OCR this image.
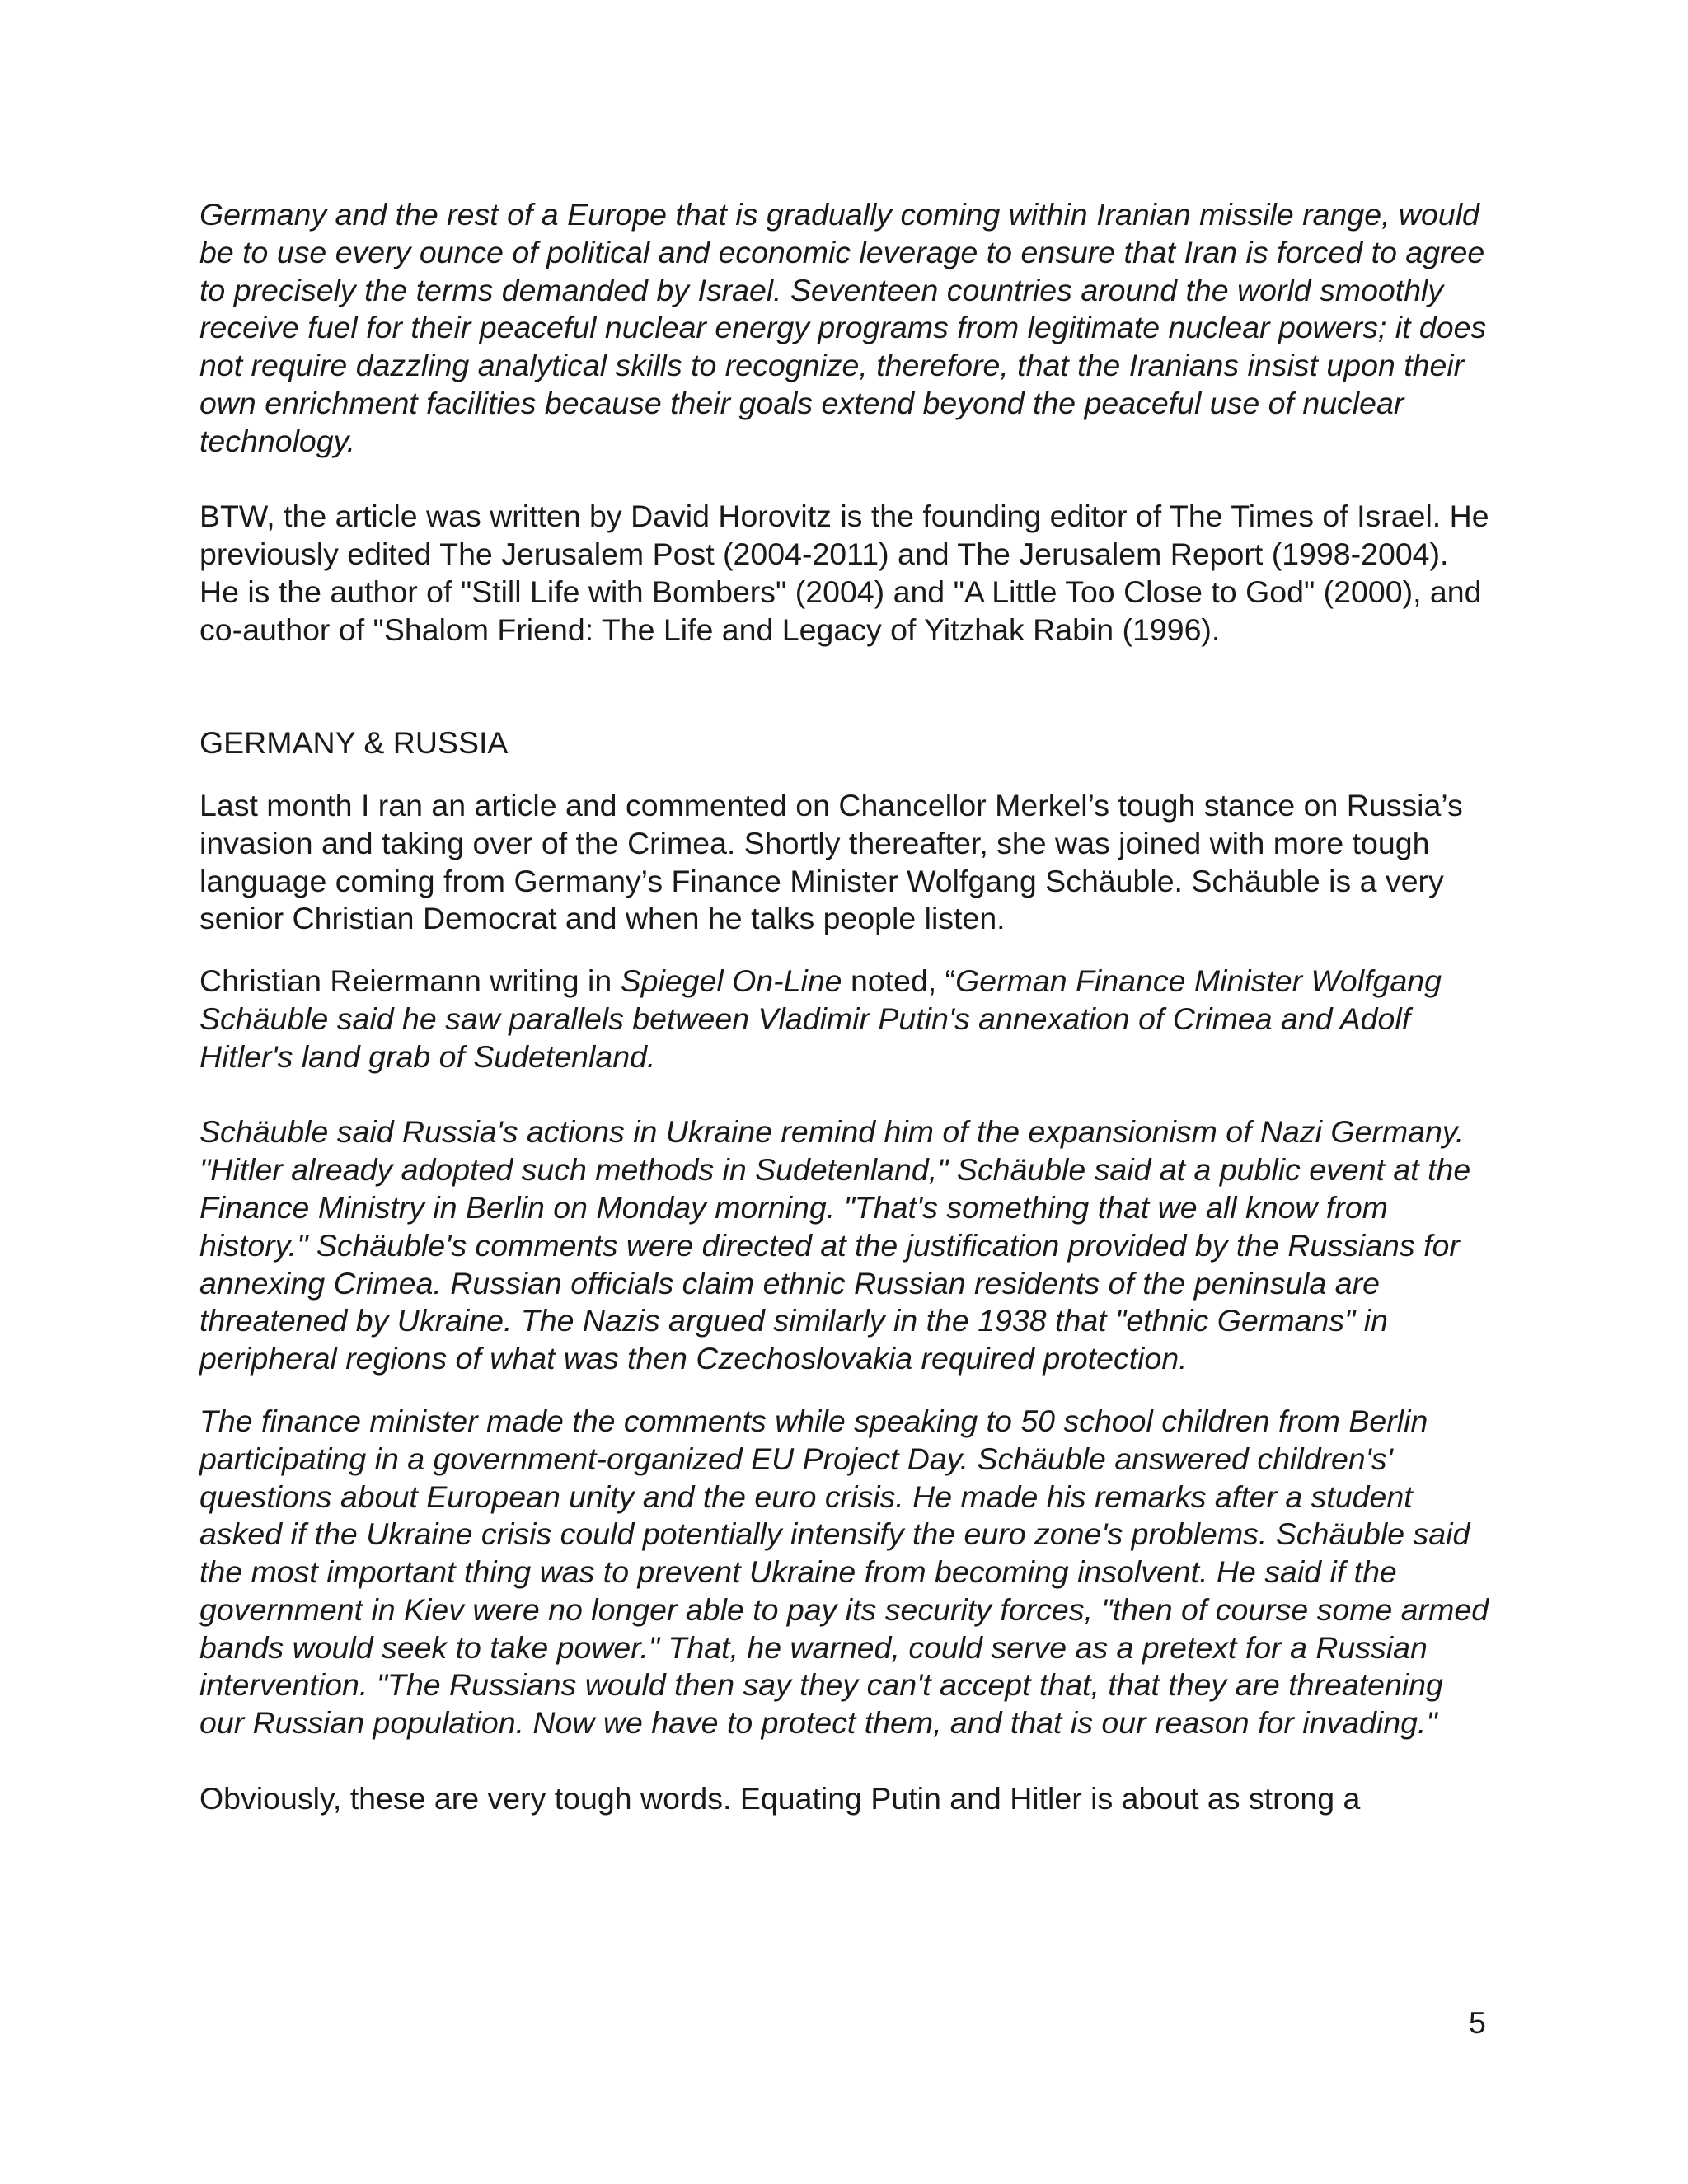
Germany and the rest of a Europe that is gradually coming within Iranian missile range, would be to use every ounce of political and economic leverage to ensure that Iran is forced to agree to precisely the terms demanded by Israel. Seventeen countries around the world smoothly receive fuel for their peaceful nuclear energy programs from legitimate nuclear powers; it does not require dazzling analytical skills to recognize, therefore, that the Iranians insist upon their own enrichment facilities because their goals extend beyond the peaceful use of nuclear technology.

BTW, the article was written by David Horovitz is the founding editor of The Times of Israel. He previously edited The Jerusalem Post (2004-2011) and The Jerusalem Report (1998-2004). He is the author of "Still Life with Bombers" (2004) and "A Little Too Close to God" (2000), and co-author of "Shalom Friend: The Life and Legacy of Yitzhak Rabin (1996).

GERMANY & RUSSIA

Last month I ran an article and commented on Chancellor Merkel’s tough stance on Russia’s invasion and taking over of the Crimea. Shortly thereafter, she was joined with more tough language coming from Germany’s Finance Minister Wolfgang Schäuble. Schäuble is a very senior Christian Democrat and when he talks people listen.

Christian Reiermann writing in Spiegel On-Line noted, “German Finance Minister Wolfgang Schäuble said he saw parallels between Vladimir Putin's annexation of Crimea and Adolf Hitler's land grab of Sudetenland.

Schäuble said Russia's actions in Ukraine remind him of the expansionism of Nazi Germany. "Hitler already adopted such methods in Sudetenland," Schäuble said at a public event at the Finance Ministry in Berlin on Monday morning. "That's something that we all know from history." Schäuble's comments were directed at the justification provided by the Russians for annexing Crimea. Russian officials claim ethnic Russian residents of the peninsula are threatened by Ukraine. The Nazis argued similarly in the 1938 that "ethnic Germans" in peripheral regions of what was then Czechoslovakia required protection.

The finance minister made the comments while speaking to 50 school children from Berlin participating in a government-organized EU Project Day. Schäuble answered children's' questions about European unity and the euro crisis. He made his remarks after a student asked if the Ukraine crisis could potentially intensify the euro zone's problems. Schäuble said the most important thing was to prevent Ukraine from becoming insolvent. He said if the government in Kiev were no longer able to pay its security forces, "then of course some armed bands would seek to take power." That, he warned, could serve as a pretext for a Russian intervention. "The Russians would then say they can't accept that, that they are threatening our Russian population. Now we have to protect them, and that is our reason for invading."

Obviously, these are very tough words. Equating Putin and Hitler is about as strong a

5
